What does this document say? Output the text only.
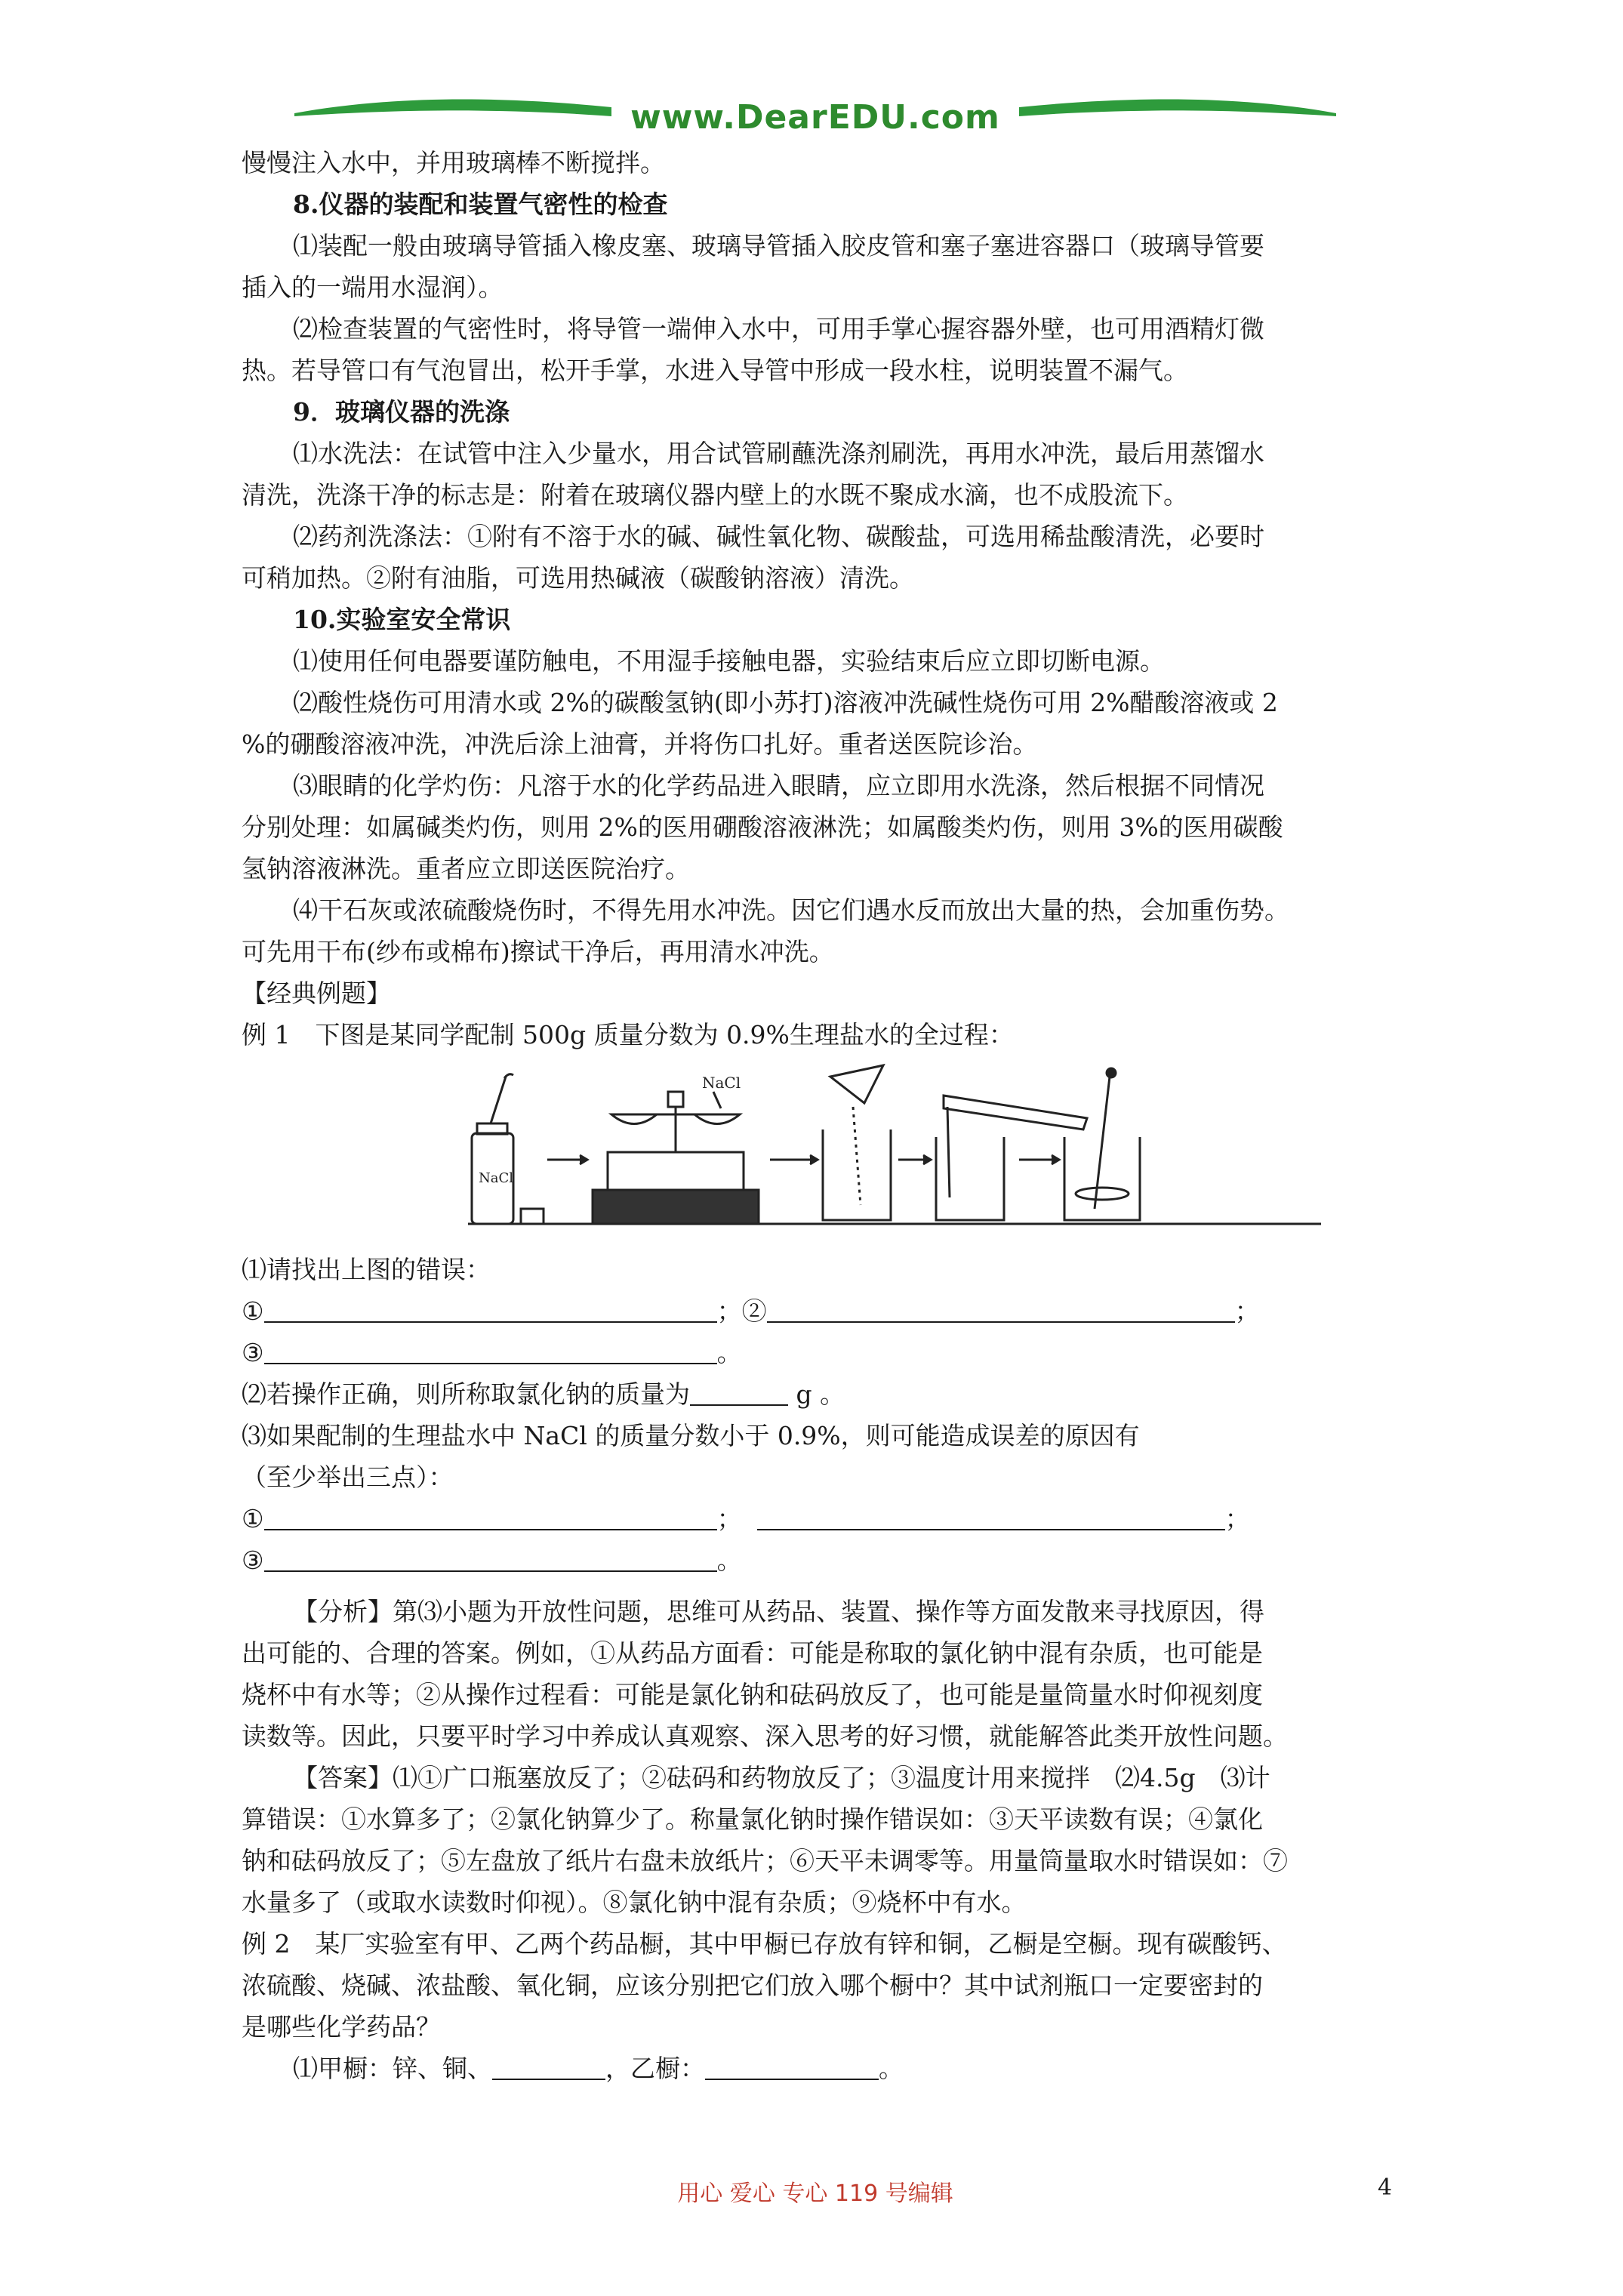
www.DearEDU.com

慢慢注入水中，并用玻璃棒不断搅拌。

8.仪器的装配和装置气密性的检查

⑴装配一般由玻璃导管插入橡皮塞、玻璃导管插入胶皮管和塞子塞进容器口（玻璃导管要

插入的一端用水湿润）。

⑵检查装置的气密性时，将导管一端伸入水中，可用手掌心握容器外壁，也可用酒精灯微

热。若导管口有气泡冒出，松开手掌，水进入导管中形成一段水柱，说明装置不漏气。

9．玻璃仪器的洗涤

⑴水洗法：在试管中注入少量水，用合试管刷蘸洗涤剂刷洗，再用水冲洗，最后用蒸馏水

清洗，洗涤干净的标志是：附着在玻璃仪器内壁上的水既不聚成水滴，也不成股流下。

⑵药剂洗涤法：①附有不溶于水的碱、碱性氧化物、碳酸盐，可选用稀盐酸清洗，必要时

可稍加热。②附有油脂，可选用热碱液（碳酸钠溶液）清洗。

10.实验室安全常识

⑴使用任何电器要谨防触电，不用湿手接触电器，实验结束后应立即切断电源。

⑵酸性烧伤可用清水或 2%的碳酸氢钠(即小苏打)溶液冲洗碱性烧伤可用 2%醋酸溶液或 2

%的硼酸溶液冲洗，冲洗后涂上油膏，并将伤口扎好。重者送医院诊治。

⑶眼睛的化学灼伤：凡溶于水的化学药品进入眼睛，应立即用水洗涤，然后根据不同情况

分别处理：如属碱类灼伤，则用 2%的医用硼酸溶液淋洗；如属酸类灼伤，则用 3%的医用碳酸

氢钠溶液淋洗。重者应立即送医院治疗。

⑷干石灰或浓硫酸烧伤时，不得先用水冲洗。因它们遇水反而放出大量的热，会加重伤势。

可先用干布(纱布或棉布)擦试干净后，再用清水冲洗。

【经典例题】

例 1　下图是某同学配制 500g 质量分数为 0.9%生理盐水的全过程：

NaCl
NaCl

⑴请找出上图的错误：

①	；②	；

③	。

⑵若操作正确，则所称取氯化钠的质量为	g 。

⑶如果配制的生理盐水中 NaCl 的质量分数小于 0.9%，则可能造成误差的原因有

（至少举出三点）：

①	；	；

③	。

【分析】第⑶小题为开放性问题，思维可从药品、装置、操作等方面发散来寻找原因，得

出可能的、合理的答案。例如，①从药品方面看：可能是称取的氯化钠中混有杂质，也可能是

烧杯中有水等；②从操作过程看：可能是氯化钠和砝码放反了，也可能是量筒量水时仰视刻度

读数等。因此，只要平时学习中养成认真观察、深入思考的好习惯，就能解答此类开放性问题。

【答案】⑴①广口瓶塞放反了；②砝码和药物放反了；③温度计用来搅拌　⑵4.5g　⑶计

算错误：①水算多了；②氯化钠算少了。称量氯化钠时操作错误如：③天平读数有误；④氯化

钠和砝码放反了；⑤左盘放了纸片右盘未放纸片；⑥天平未调零等。用量筒量取水时错误如：⑦

水量多了（或取水读数时仰视）。⑧氯化钠中混有杂质；⑨烧杯中有水。

例 2　某厂实验室有甲、乙两个药品橱，其中甲橱已存放有锌和铜，乙橱是空橱。现有碳酸钙、

浓硫酸、烧碱、浓盐酸、氧化铜，应该分别把它们放入哪个橱中？其中试剂瓶口一定要密封的

是哪些化学药品？

⑴甲橱：锌、铜、	，乙橱：	。

用心 爱心 专心 119 号编辑	4
